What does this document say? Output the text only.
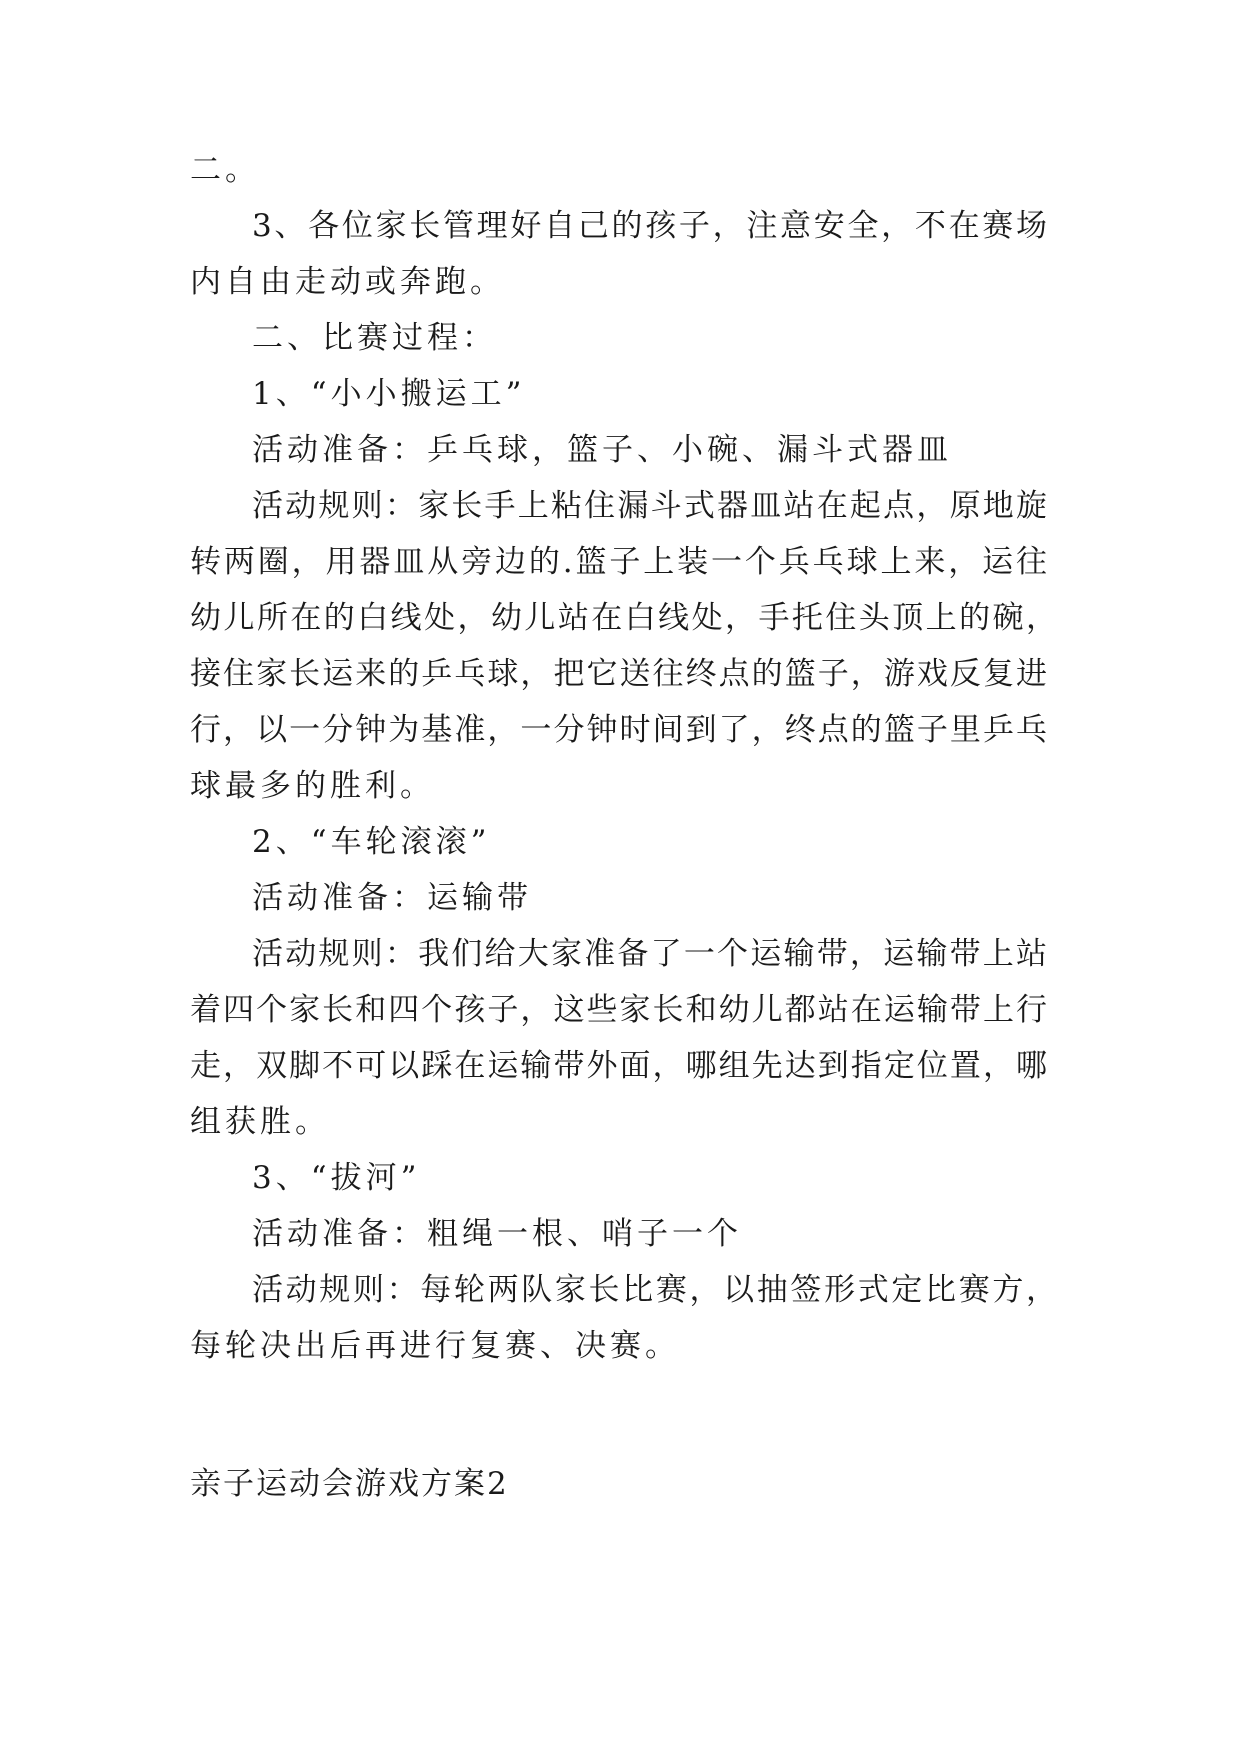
二。
3、各位家长管理好自己的孩子，注意安全，不在赛场
内自由走动或奔跑。
二、比赛过程：
1、“小小搬运工”
活动准备：乒乓球，篮子、小碗、漏斗式器皿
活动规则：家长手上粘住漏斗式器皿站在起点，原地旋
转两圈，用器皿从旁边的.篮子上装一个兵乓球上来，运往
幼儿所在的白线处，幼儿站在白线处，手托住头顶上的碗，
接住家长运来的乒乓球，把它送往终点的篮子，游戏反复进
行，以一分钟为基准，一分钟时间到了，终点的篮子里乒乓
球最多的胜利。
2、“车轮滚滚”
活动准备：运输带
活动规则：我们给大家准备了一个运输带，运输带上站
着四个家长和四个孩子，这些家长和幼儿都站在运输带上行
走，双脚不可以踩在运输带外面，哪组先达到指定位置，哪
组获胜。
3、“拔河”
活动准备：粗绳一根、哨子一个
活动规则：每轮两队家长比赛，以抽签形式定比赛方，
每轮决出后再进行复赛、决赛。
亲子运动会游戏方案2
